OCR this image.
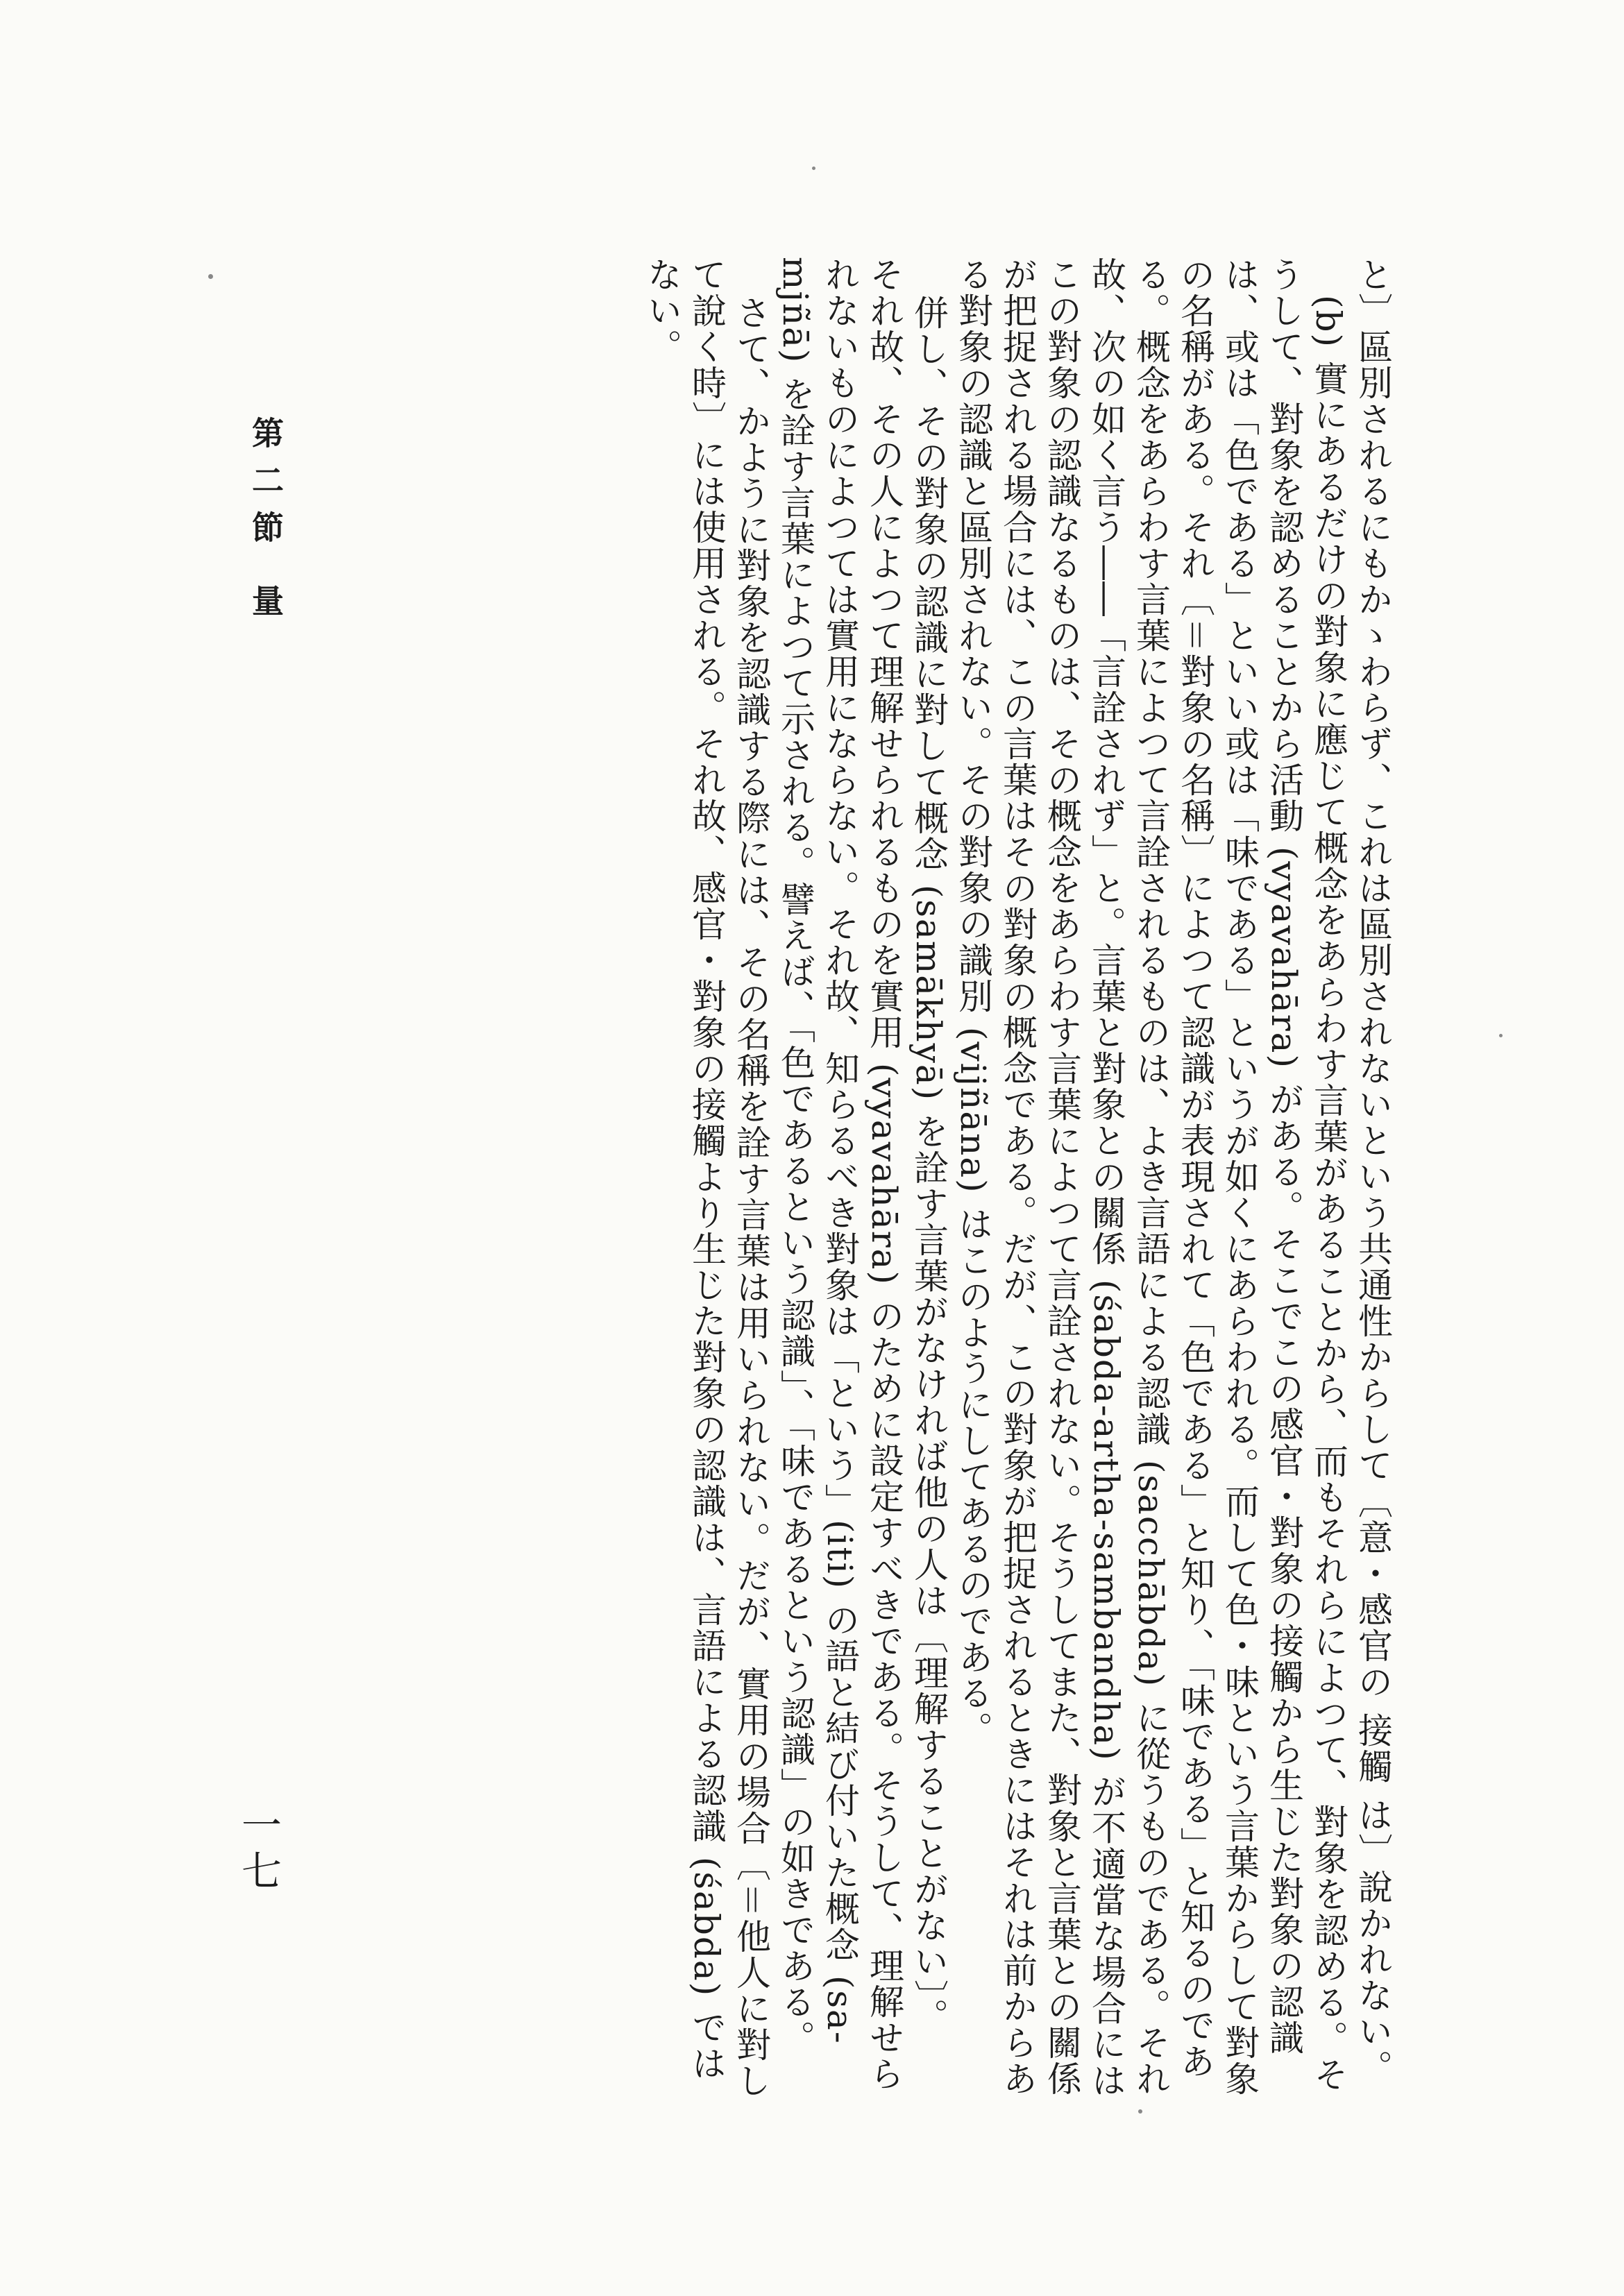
と〕區別されるにもかゝわらず、これは區別されないという共通性からして〔意・感官の 接觸 は〕說かれない。
(b) 實にあるだけの對象に應じて概念をあらわす言葉があることから、而もそれらによつて、對象を認める。そ
うして、對象を認めることから活動 (vyavahāra) がある。そこでこの感官・對象の接觸から生じた對象の認識
は、或は「色である」といい或は「味である」というが如くにあらわれる。而して色・味という言葉からして對象
の名稱がある。それ〔＝對象の名稱〕によつて認識が表現されて「色である」と知り、「味である」と知るのであ
る。概念をあらわす言葉によつて言詮されるものは、よき言語による認識 (sacchābda) に從うものである。それ
故、次の如く言う――「言詮されず」と。言葉と對象との關係 (śabda-artha-sambandha) が不適當な場合には
この對象の認識なるものは、その概念をあらわす言葉によつて言詮されない。そうしてまた、對象と言葉との關係
が把捉される場合には、この言葉はその對象の概念である。だが、この對象が把捉されるときにはそれは前からあ
る對象の認識と區別されない。その對象の識別 (vijñāna) はこのようにしてあるのである。
併し、その對象の認識に對して概念 (samākhyā) を詮す言葉がなければ他の人は〔理解することがない〕。
それ故、その人によつて理解せられるものを實用 (vyavahāra) のために設定すべきである。そうして、理解せら
れないものによつては實用にならない。それ故、知らるべき對象は「という」(iti) の語と結び付いた概念 (sa-
mjñā) を詮す言葉によつて示される。譬えば、「色であるという認識」、「味であるという認識」の如きである。
さて、かように對象を認識する際には、その名稱を詮す言葉は用いられない。だが、實用の場合〔＝他人に對し
て說く時〕には使用される。それ故、感官・對象の接觸より生じた對象の認識は、言語による認識 (śabda) では
ない。
第二節 量
一七
